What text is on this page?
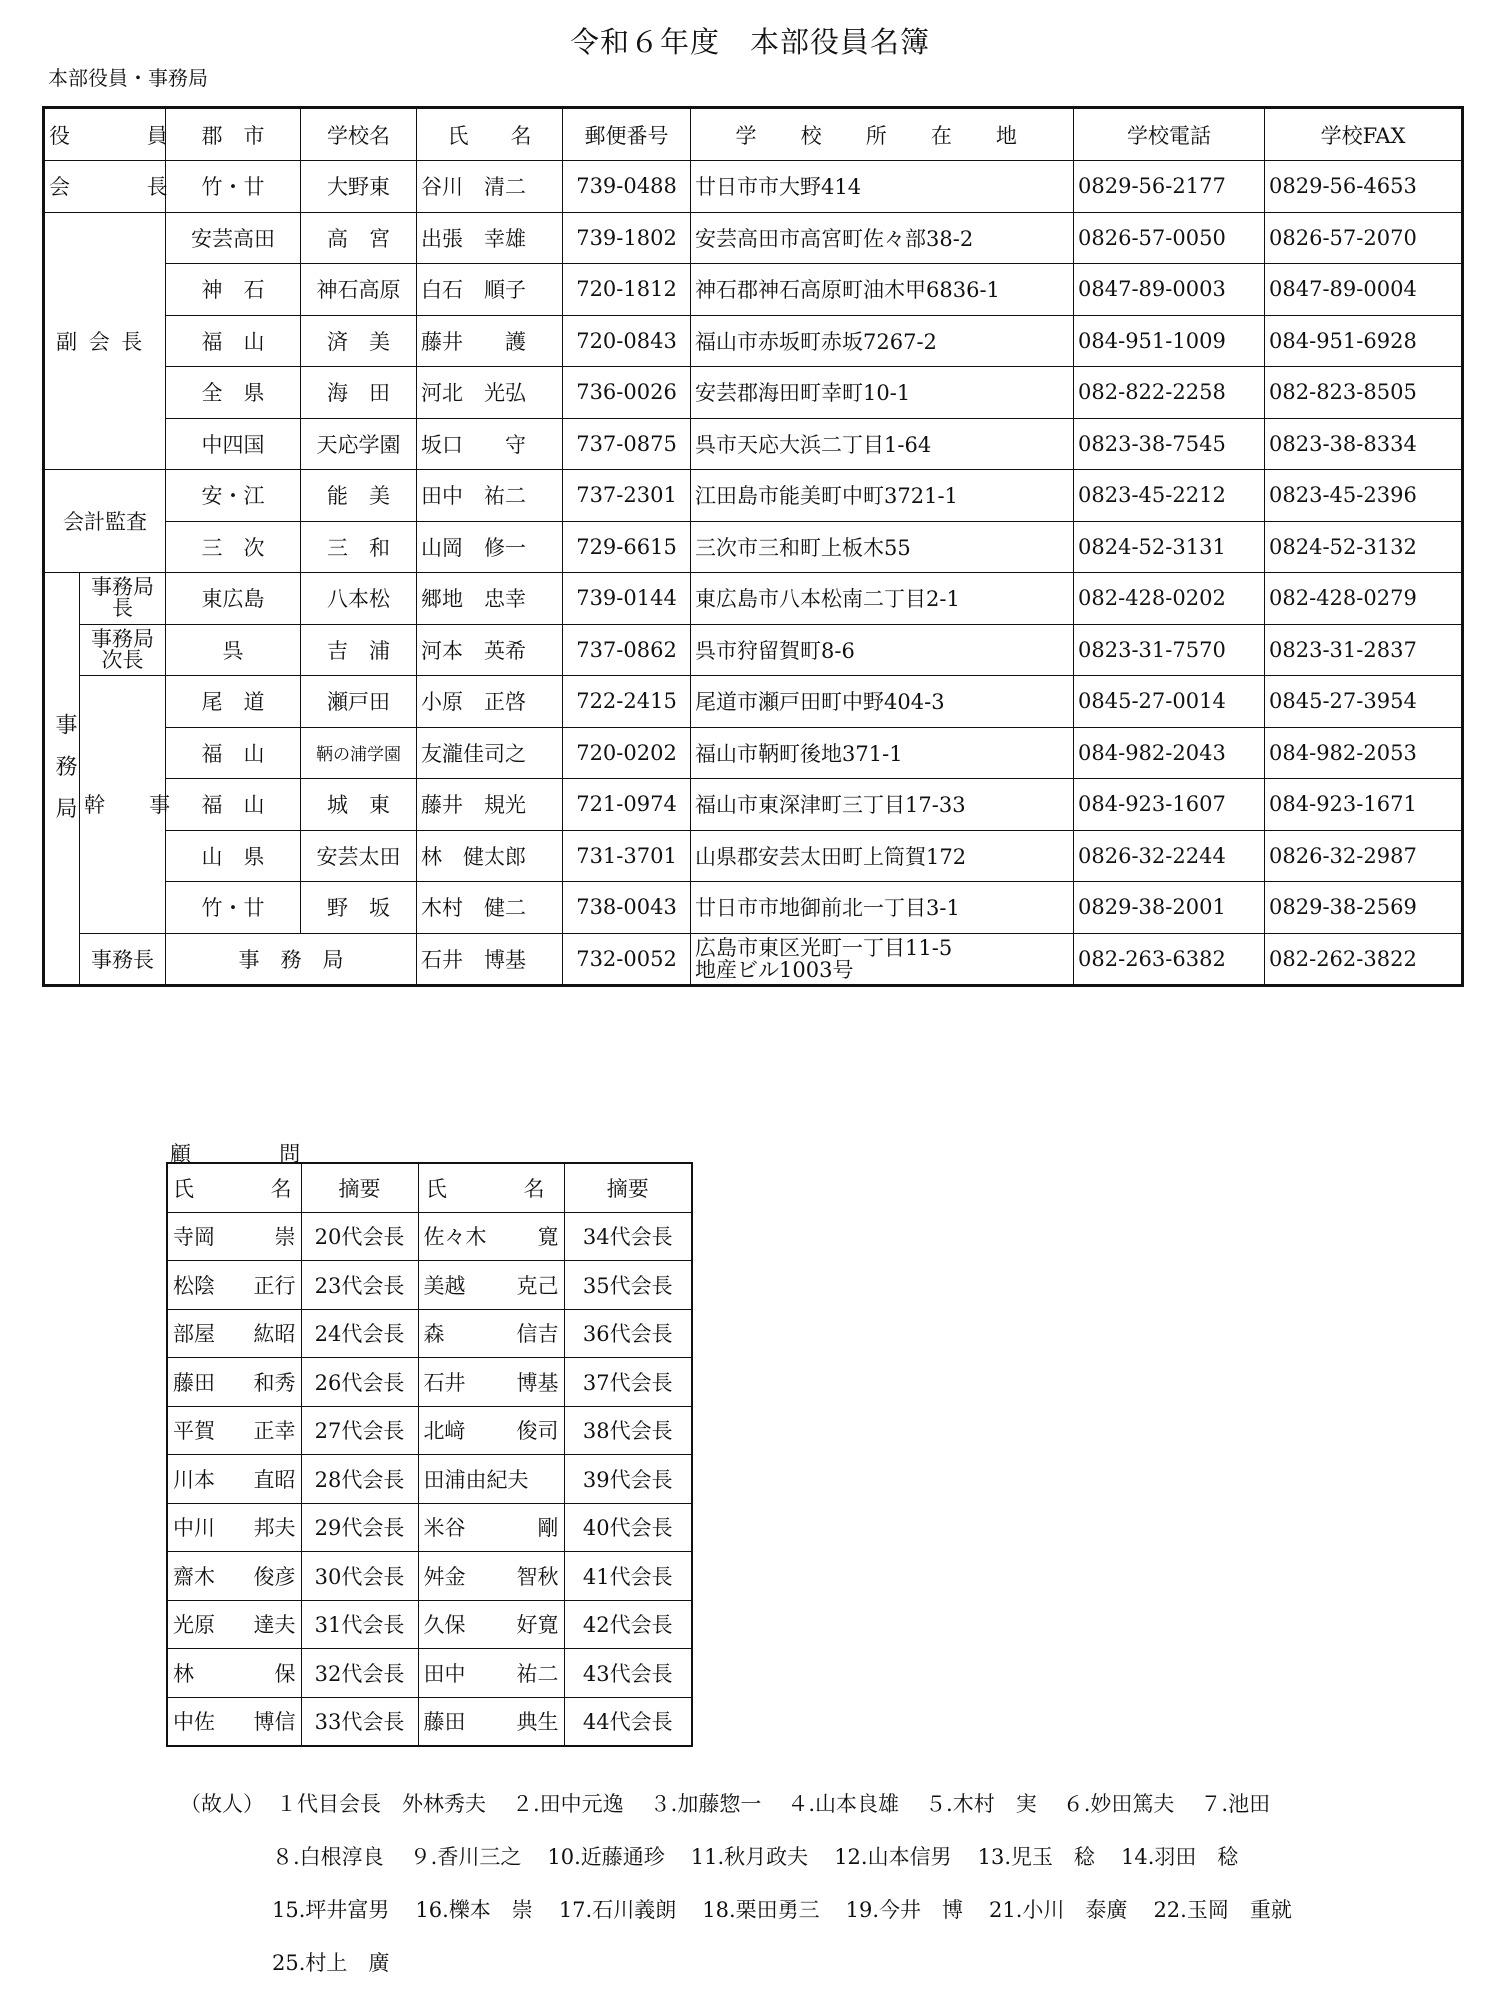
令和６年度　本部役員名簿
本部役員・事務局
役　　員		郡　市	学校名	氏　　名	郵便番号	学　校　所　在　地	学校電話	学校FAX
会　　長		竹・廿	大野東	谷川　清二	739-0488	廿日市市大野414	0829-56-2177	0829-56-4653
副会長		安芸高田	高　宮	出張　幸雄	739-1802	安芸高田市高宮町佐々部38-2	0826-57-0050	0826-57-2070
		神　石	神石高原	白石　順子	720-1812	神石郡神石高原町油木甲6836-1	0847-89-0003	0847-89-0004
		福　山	済　美	藤井　　護	720-0843	福山市赤坂町赤坂7267-2	084-951-1009	084-951-6928
		全　県	海　田	河北　光弘	736-0026	安芸郡海田町幸町10-1	082-822-2258	082-823-8505
		中四国	天応学園	坂口　　守	737-0875	呉市天応大浜二丁目1-64	0823-38-7545	0823-38-8334
会計監査		安・江	能　美	田中　祐二	737-2301	江田島市能美町中町3721-1	0823-45-2212	0823-45-2396
		三　次	三　和	山岡　修一	729-6615	三次市三和町上板木55	0824-52-3131	0824-52-3132
事務局	事務局長	東広島	八本松	郷地　忠幸	739-0144	東広島市八本松南二丁目2-1	082-428-0202	082-428-0279
	事務局次長	呉	吉　浦	河本　英希	737-0862	呉市狩留賀町8-6	0823-31-7570	0823-31-2837
	幹　事	尾　道	瀬戸田	小原　正啓	722-2415	尾道市瀬戸田町中野404-3	0845-27-0014	0845-27-3954
		福　山	鞆の浦学園	友瀧佳司之	720-0202	福山市鞆町後地371-1	084-982-2043	084-982-2053
		福　山	城　東	藤井　規光	721-0974	福山市東深津町三丁目17-33	084-923-1607	084-923-1671
		山　県	安芸太田	林　健太郎	731-3701	山県郡安芸太田町上筒賀172	0826-32-2244	0826-32-2987
		竹・廿	野　坂	木村　健二	738-0043	廿日市市地御前北一丁目3-1	0829-38-2001	0829-38-2569
	事務長	事　務　局		石井　博基	732-0052	広島市東区光町一丁目11-5
地産ビル1003号	082-263-6382	082-262-3822
顧　問
氏　　名	摘要	氏　　名	摘要

寺岡 崇	20代会長	佐々木 寛	34代会長

松陰 正行	23代会長	美越 克己	35代会長

部屋 紘昭	24代会長	森 信吉	36代会長

藤田 和秀	26代会長	石井 博基	37代会長

平賀 正幸	27代会長	北﨑 俊司	38代会長

川本 直昭	28代会長	田浦由紀夫	39代会長

中川 邦夫	29代会長	米谷 剛	40代会長

齋木 俊彦	30代会長	舛金 智秋	41代会長

光原 達夫	31代会長	久保 好寛	42代会長

林 保	32代会長	田中 祐二	43代会長

中佐 博信	33代会長	藤田 典生	44代会長
（故人） １代目会長　外林秀夫 ２.田中元逸 ３.加藤惣一 ４.山本良雄 ５.木村　実 ６.妙田篤夫 ７.池田
８.白根淳良 ９.香川三之 10.近藤通珍 11.秋月政夫 12.山本信男 13.児玉　稔 14.羽田　稔
15.坪井富男 16.櫟本　崇 17.石川義朗 18.栗田勇三 19.今井　博 21.小川　泰廣 22.玉岡　重就
25.村上　廣
